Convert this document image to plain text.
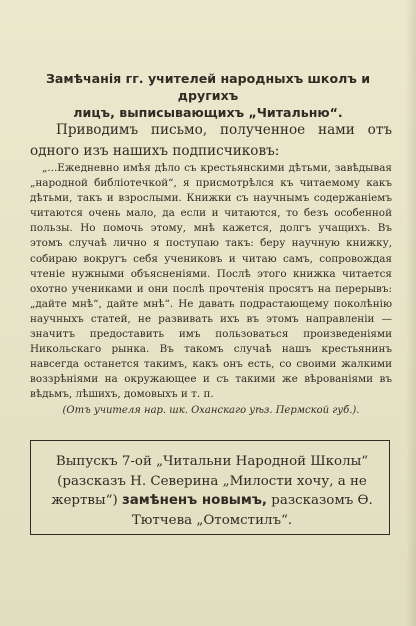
Замѣчанія гг. учителей народныхъ школъ и другихъ
лицъ, выписывающихъ „Читальню“.
Приводимъ письмо, полученное нами отъ одного изъ нашихъ подписчиковъ:

„...Ежедневно имѣя дѣло съ крестьянскими дѣтьми, завѣдывая „народной библіотечкой“, я присмотрѣлся къ читаемому какъ дѣтьми, такъ и взрослыми. Книжки съ научнымъ содержаніемъ читаются очень мало, да если и читаются, то безъ особенной пользы. Но помочь этому, мнѣ кажется, долгъ учащихъ. Въ этомъ случаѣ лично я поступаю такъ: беру научную книжку, собираю вокругъ себя учениковъ и читаю самъ, сопровождая чтеніе нужными объясненіями. Послѣ этого книжка читается охотно учениками и они послѣ прочтенія просятъ на перерывъ: „дайте мнѣ“, дайте мнѣ“. Не давать подрастающему поколѣнію научныхъ статей, не развивать ихъ въ этомъ направленіи — значитъ предоставить имъ пользоваться произведеніями Никольскаго рынка. Въ такомъ случаѣ нашъ крестьянинъ навсегда останется такимъ, какъ онъ есть, со своими жалкими воззрѣніями на окружающее и съ такими же вѣрованіями въ вѣдьмъ, лѣшихъ, домовыхъ и т. п.

(Отъ учителя нар. шк. Оханскаго уѣз. Пермской губ.).
Выпускъ 7-ой „Читальни Народной Школы“ (разсказъ Н. Северина „Милости хочу, а не жертвы“) замѣненъ новымъ, разсказомъ Ѳ. Тютчева „Отомстилъ“.
